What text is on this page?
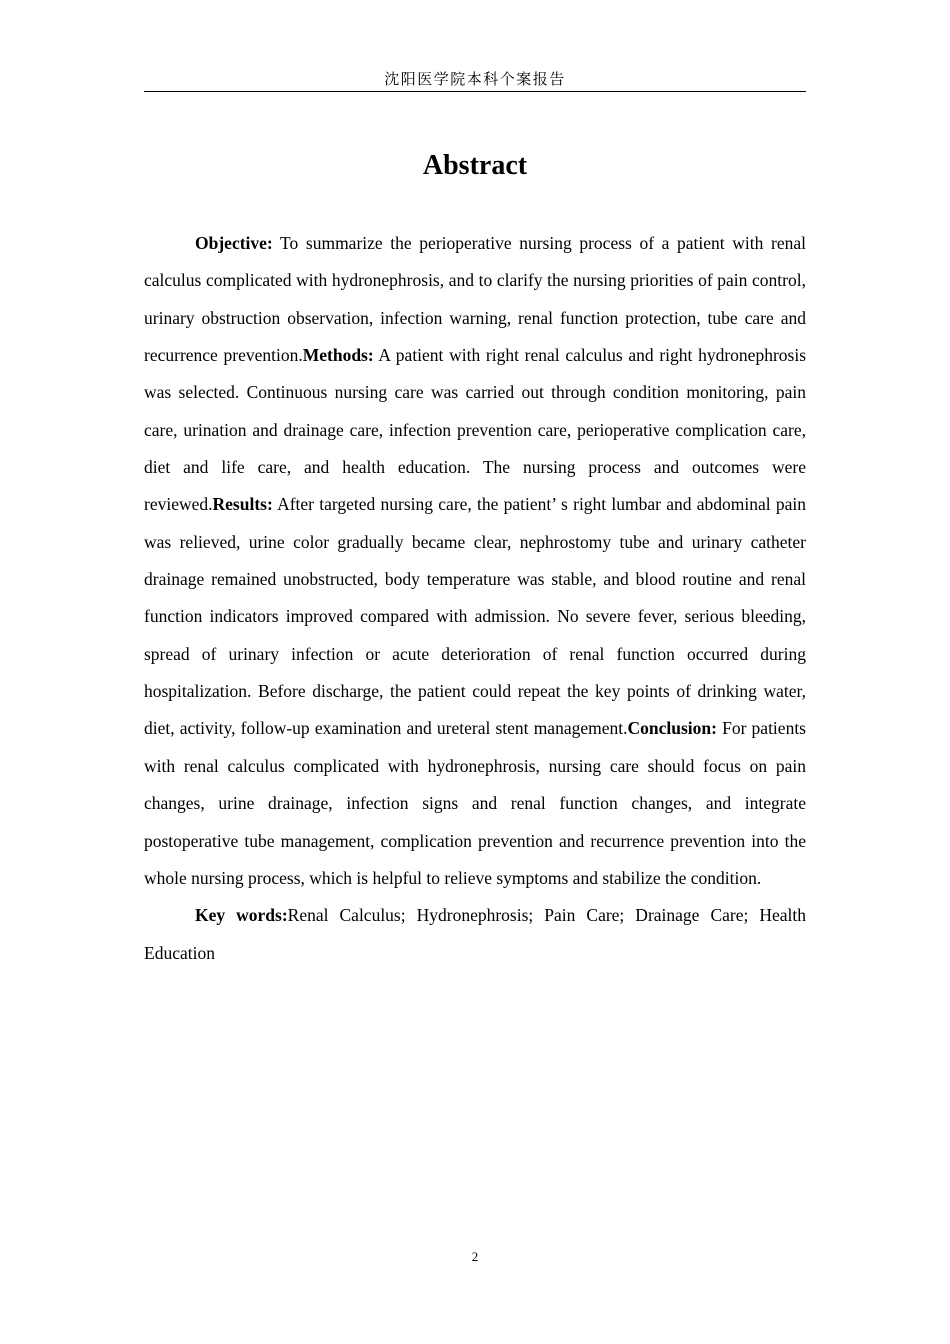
沈阳医学院本科个案报告
Abstract

Objective: To summarize the perioperative nursing process of a patient with renal calculus complicated with hydronephrosis, and to clarify the nursing priorities of pain control, urinary obstruction observation, infection warning, renal function protection, tube care and recurrence prevention.Methods: A patient with right renal calculus and right hydronephrosis was selected. Continuous nursing care was carried out through condition monitoring, pain care, urination and drainage care, infection prevention care, perioperative complication care, diet and life care, and health education. The nursing process and outcomes were reviewed.Results: After targeted nursing care, the patient’ s right lumbar and abdominal pain was relieved, urine color gradually became clear, nephrostomy tube and urinary catheter drainage remained unobstructed, body temperature was stable, and blood routine and renal function indicators improved compared with admission. No severe fever, serious bleeding, spread of urinary infection or acute deterioration of renal function occurred during hospitalization. Before discharge, the patient could repeat the key points of drinking water, diet, activity, follow-up examination and ureteral stent management.Conclusion: For patients with renal calculus complicated with hydronephrosis, nursing care should focus on pain changes, urine drainage, infection signs and renal function changes, and integrate postoperative tube management, complication prevention and recurrence prevention into the whole nursing process, which is helpful to relieve symptoms and stabilize the condition.

Key words:Renal Calculus; Hydronephrosis; Pain Care; Drainage Care; Health Education

2
